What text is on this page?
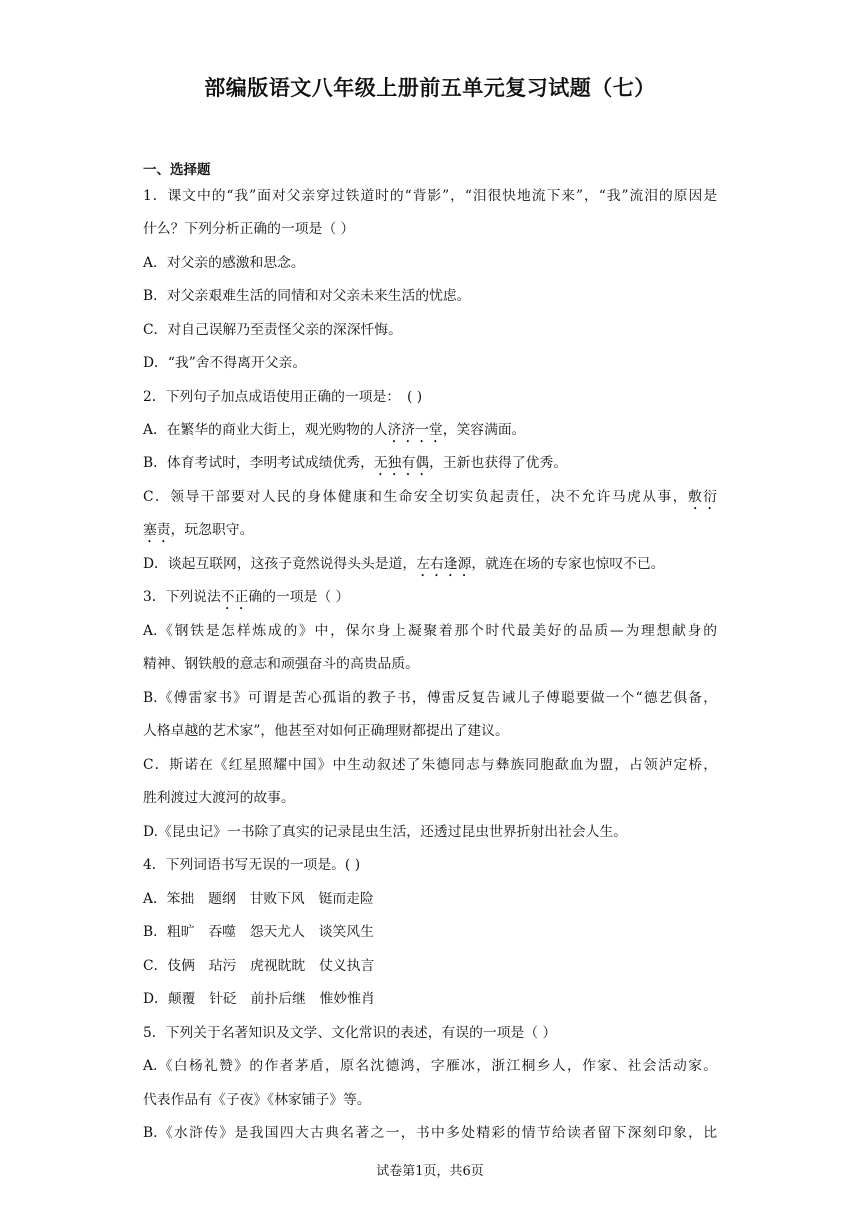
部编版语文八年级上册前五单元复习试题（七）
一、选择题
1．课文中的“我”面对父亲穿过铁道时的“背影”，“泪很快地流下来”，“我”流泪的原因是
什么？下列分析正确的一项是（ ）
A．对父亲的感激和思念。
B．对父亲艰难生活的同情和对父亲未来生活的忧虑。
C．对自己误解乃至责怪父亲的深深忏悔。
D．“我”舍不得离开父亲。
2．下列句子加点成语使用正确的一项是：　( )
A．在繁华的商业大街上，观光购物的人济济一堂，笑容满面。
B．体育考试时，李明考试成绩优秀，无独有偶，王新也获得了优秀。
C．领导干部要对人民的身体健康和生命安全切实负起责任，决不允许马虎从事，敷衍
塞责，玩忽职守。
D．谈起互联网，这孩子竟然说得头头是道，左右逢源，就连在场的专家也惊叹不已。
3．下列说法不正确的一项是（ ）
A.《钢铁是怎样炼成的》中，保尔身上凝聚着那个时代最美好的品质—为理想献身的
精神、钢铁般的意志和顽强奋斗的高贵品质。
B.《傅雷家书》可谓是苦心孤诣的教子书，傅雷反复告诫儿子傅聪要做一个“德艺俱备，
人格卓越的艺术家”，他甚至对如何正确理财都提出了建议。
C．斯诺在《红星照耀中国》中生动叙述了朱德同志与彝族同胞歃血为盟，占领泸定桥，
胜利渡过大渡河的故事。
D.《昆虫记》一书除了真实的记录昆虫生活，还透过昆虫世界折射出社会人生。
4．下列词语书写无误的一项是。( )
A．笨拙　题纲　甘败下风　铤而走险
B．粗旷　吞噬　怨天尤人　谈笑风生
C．伎俩　玷污　虎视眈眈　仗义执言
D．颠覆　针砭　前扑后继　惟妙惟肖
5．下列关于名著知识及文学、文化常识的表述，有误的一项是（ ）
A.《白杨礼赞》的作者茅盾，原名沈德鸿，字雁冰，浙江桐乡人，作家、社会活动家。
代表作品有《子夜》《林家铺子》等。
B.《水浒传》是我国四大古典名著之一，书中多处精彩的情节给读者留下深刻印象，比
试卷第1页，共6页
